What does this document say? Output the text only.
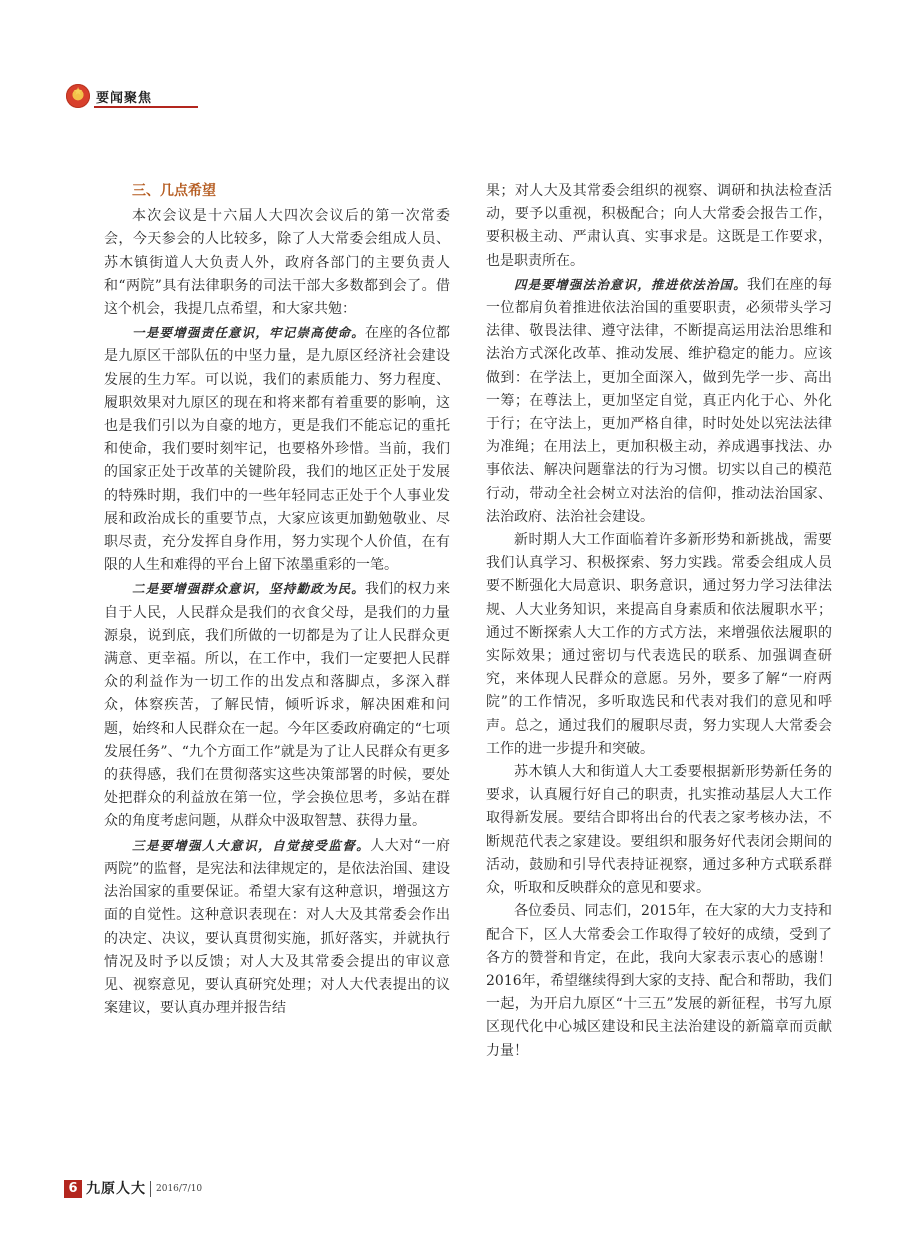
★
要闻聚焦
三、几点希望

本次会议是十六届人大四次会议后的第一次常委会，今天参会的人比较多，除了人大常委会组成人员、苏木镇街道人大负责人外，政府各部门的主要负责人和“两院”具有法律职务的司法干部大多数都到会了。借这个机会，我提几点希望，和大家共勉：

一是要增强责任意识，牢记崇高使命。在座的各位都是九原区干部队伍的中坚力量，是九原区经济社会建设发展的生力军。可以说，我们的素质能力、努力程度、履职效果对九原区的现在和将来都有着重要的影响，这也是我们引以为自豪的地方，更是我们不能忘记的重托和使命，我们要时刻牢记，也要格外珍惜。当前，我们的国家正处于改革的关键阶段，我们的地区正处于发展的特殊时期，我们中的一些年轻同志正处于个人事业发展和政治成长的重要节点，大家应该更加勤勉敬业、尽职尽责，充分发挥自身作用，努力实现个人价值，在有限的人生和难得的平台上留下浓墨重彩的一笔。

二是要增强群众意识，坚持勤政为民。我们的权力来自于人民，人民群众是我们的衣食父母，是我们的力量源泉，说到底，我们所做的一切都是为了让人民群众更满意、更幸福。所以，在工作中，我们一定要把人民群众的利益作为一切工作的出发点和落脚点，多深入群众，体察疾苦，了解民情，倾听诉求，解决困难和问题，始终和人民群众在一起。今年区委政府确定的“七项发展任务”、“九个方面工作”就是为了让人民群众有更多的获得感，我们在贯彻落实这些决策部署的时候，要处处把群众的利益放在第一位，学会换位思考，多站在群众的角度考虑问题，从群众中汲取智慧、获得力量。

三是要增强人大意识，自觉接受监督。人大对“一府两院”的监督，是宪法和法律规定的，是依法治国、建设法治国家的重要保证。希望大家有这种意识，增强这方面的自觉性。这种意识表现在：对人大及其常委会作出的决定、决议，要认真贯彻实施，抓好落实，并就执行情况及时予以反馈；对人大及其常委会提出的审议意见、视察意见，要认真研究处理；对人大代表提出的议案建议，要认真办理并报告结

果；对人大及其常委会组织的视察、调研和执法检查活动，要予以重视，积极配合；向人大常委会报告工作，要积极主动、严肃认真、实事求是。这既是工作要求，也是职责所在。

四是要增强法治意识，推进依法治国。我们在座的每一位都肩负着推进依法治国的重要职责，必须带头学习法律、敬畏法律、遵守法律，不断提高运用法治思维和法治方式深化改革、推动发展、维护稳定的能力。应该做到：在学法上，更加全面深入，做到先学一步、高出一筹；在尊法上，更加坚定自觉，真正内化于心、外化于行；在守法上，更加严格自律，时时处处以宪法法律为准绳；在用法上，更加积极主动，养成遇事找法、办事依法、解决问题靠法的行为习惯。切实以自己的模范行动，带动全社会树立对法治的信仰，推动法治国家、法治政府、法治社会建设。

新时期人大工作面临着许多新形势和新挑战，需要我们认真学习、积极探索、努力实践。常委会组成人员要不断强化大局意识、职务意识，通过努力学习法律法规、人大业务知识，来提高自身素质和依法履职水平；通过不断探索人大工作的方式方法，来增强依法履职的实际效果；通过密切与代表选民的联系、加强调查研究，来体现人民群众的意愿。另外，要多了解“一府两院”的工作情况，多听取选民和代表对我们的意见和呼声。总之，通过我们的履职尽责，努力实现人大常委会工作的进一步提升和突破。

苏木镇人大和街道人大工委要根据新形势新任务的要求，认真履行好自己的职责，扎实推动基层人大工作取得新发展。要结合即将出台的代表之家考核办法，不断规范代表之家建设。要组织和服务好代表闭会期间的活动，鼓励和引导代表持证视察，通过多种方式联系群众，听取和反映群众的意见和要求。

各位委员、同志们，2015年，在大家的大力支持和配合下，区人大常委会工作取得了较好的成绩，受到了各方的赞誉和肯定，在此，我向大家表示衷心的感谢！2016年，希望继续得到大家的支持、配合和帮助，我们一起，为开启九原区“十三五”发展的新征程，书写九原区现代化中心城区建设和民主法治建设的新篇章而贡献力量！

6 九原人大 2016/7/10
